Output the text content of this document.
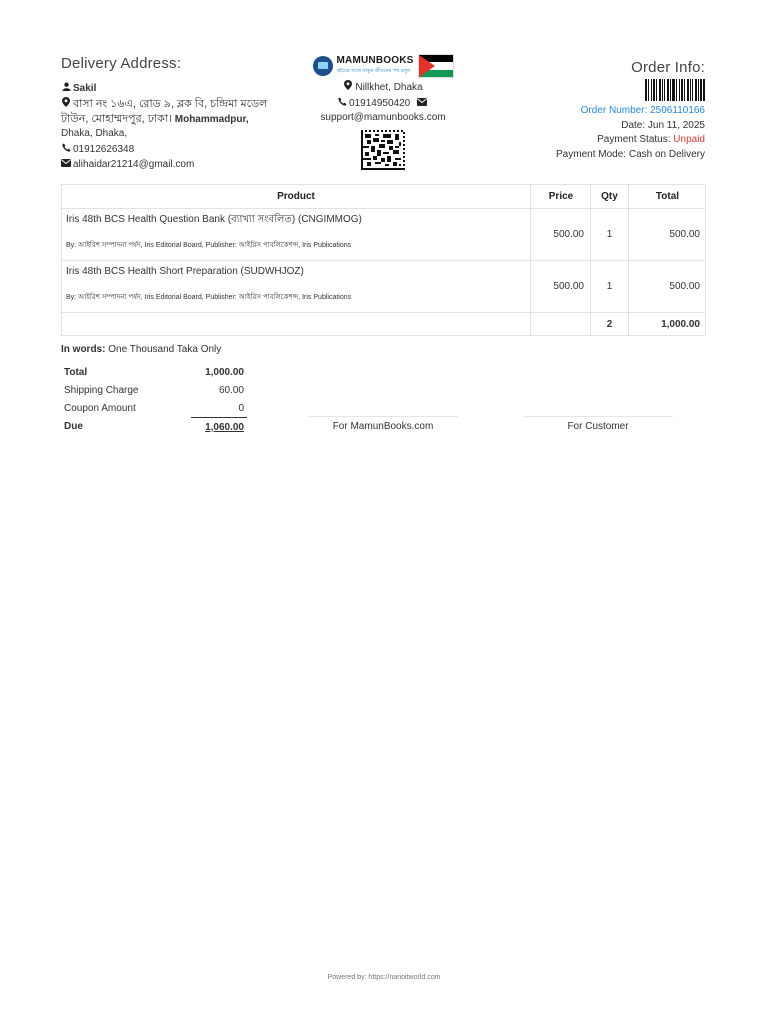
Delivery Address:
Sakil
বাসা নং ১৬এ, রোড ৯, ব্লক বি, চন্দ্রিমা মডেল
টাউন, মোহাম্মদপুর, ঢাকা। Mohammadpur,
Dhaka, Dhaka,
01912626348
alihaidar21214@gmail.com
MAMUNBOOKS
বইয়ের সাথে থাকুন জীবনের পথ চলুন
Nillkhet, Dhaka
01914950420
support@mamunbooks.com
Order Info:
Order Number: 2506110166
Date: Jun 11, 2025
Payment Status: Unpaid
Payment Mode: Cash on Delivery
Product	Price	Qty	Total

Iris 48th BCS Health Question Bank (ব্যাখ্যা সংবলিত) (CNGIMMOG)
By: আইরিশ সম্পাদনা পর্ষদ, Iris Editorial Board, Publisher: আইরিস পাবলিকেশন্স, Iris Publications	500.00	1	500.00

Iris 48th BCS Health Short Preparation (SUDWHJOZ)
By: আইরিশ সম্পাদনা পর্ষদ, Iris Editorial Board, Publisher: আইরিস পাবলিকেশন্স, Iris Publications	500.00	1	500.00
		2	1,000.00
In words: One Thousand Taka Only
Total	1,000.00
Shipping Charge	60.00
Coupon Amount	0
Due	1,060.00	For MamunBooks.com	For Customer
Powered by: https://nanoitworld.com
